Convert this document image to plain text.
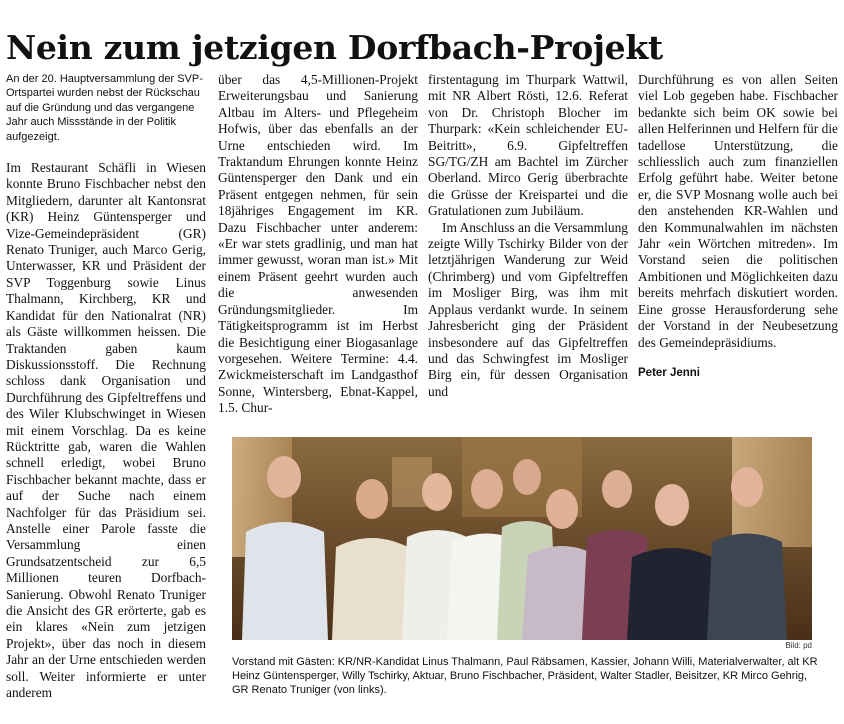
Nein zum jetzigen Dorfbach-Projekt

An der 20. Hauptversammlung der SVP-Ortspartei wurden nebst der Rückschau auf die Gründung und das vergangene Jahr auch Missstände in der Politik aufgezeigt.

Im Restaurant Schäfli in Wiesen konnte Bruno Fischbacher nebst den Mitgliedern, darunter alt Kantonsrat (KR) Heinz Güntensperger und Vize-Gemeindepräsident (GR) Renato Truniger, auch Marco Gerig, Unterwasser, KR und Präsident der SVP Toggenburg sowie Linus Thalmann, Kirchberg, KR und Kandidat für den Nationalrat (NR) als Gäste willkommen heissen. Die Traktanden gaben kaum Diskussionsstoff. Die Rechnung schloss dank Organisation und Durchführung des Gipfeltreffens und des Wiler Klubschwinget in Wiesen mit einem Vorschlag. Da es keine Rücktritte gab, waren die Wahlen schnell erledigt, wobei Bruno Fischbacher bekannt machte, dass er auf der Suche nach einem Nachfolger für das Präsidium sei. Anstelle einer Parole fasste die Versammlung einen Grundsatzentscheid zur 6,5 Millionen teuren Dorfbach-Sanierung. Obwohl Renato Truniger die Ansicht des GR erörterte, gab es ein klares «Nein zum jetzigen Projekt», über das noch in diesem Jahr an der Urne entschieden werden soll. Weiter informierte er unter anderem

über das 4,5-Millionen-Projekt Erweiterungsbau und Sanierung Altbau im Alters- und Pflegeheim Hofwis, über das ebenfalls an der Urne entschieden wird. Im Traktandum Ehrungen konnte Heinz Güntensperger den Dank und ein Präsent entgegen nehmen, für sein 18jähriges Engagement im KR. Dazu Fischbacher unter anderem: «Er war stets gradlinig, und man hat immer gewusst, woran man ist.» Mit einem Präsent geehrt wurden auch die anwesenden Gründungsmitglieder. Im Tätigkeitsprogramm ist im Herbst die Besichtigung einer Biogasanlage vorgesehen. Weitere Termine: 4.4. Zwickmeisterschaft im Landgasthof Sonne, Wintersberg, Ebnat-Kappel, 1.5. Chur-

firstentagung im Thurpark Wattwil, mit NR Albert Rösti, 12.6. Referat von Dr. Christoph Blocher im Thurpark: «Kein schleichender EU-Beitritt», 6.9. Gipfeltreffen SG/TG/ZH am Bachtel im Zürcher Oberland. Mirco Gerig überbrachte die Grüsse der Kreispartei und die Gratulationen zum Jubiläum.

Im Anschluss an die Versammlung zeigte Willy Tschirky Bilder von der letztjährigen Wanderung zur Weid (Chrimberg) und vom Gipfeltreffen im Mosliger Birg, was ihm mit Applaus verdankt wurde. In seinem Jahresbericht ging der Präsident insbesondere auf das Gipfeltreffen und das Schwingfest im Mosliger Birg ein, für dessen Organisation und

Durchführung es von allen Seiten viel Lob gegeben habe. Fischbacher bedankte sich beim OK sowie bei allen Helferinnen und Helfern für die tadellose Unterstützung, die schliesslich auch zum finanziellen Erfolg geführt habe. Weiter betone er, die SVP Mosnang wolle auch bei den anstehenden KR-Wahlen und den Kommunalwahlen im nächsten Jahr «ein Wörtchen mitreden». Im Vorstand seien die politischen Ambitionen und Möglichkeiten dazu bereits mehrfach diskutiert worden. Eine grosse Herausforderung sehe der Vorstand in der Neubesetzung des Gemeindepräsidiums.

Peter Jenni

Bild: pd
Vorstand mit Gästen: KR/NR-Kandidat Linus Thalmann, Paul Räbsamen, Kassier, Johann Willi, Materialverwalter, alt KR Heinz Güntensperger, Willy Tschirky, Aktuar, Bruno Fischbacher, Präsident, Walter Stadler, Beisitzer, KR Mirco Gehrig, GR Renato Truniger (von links).
